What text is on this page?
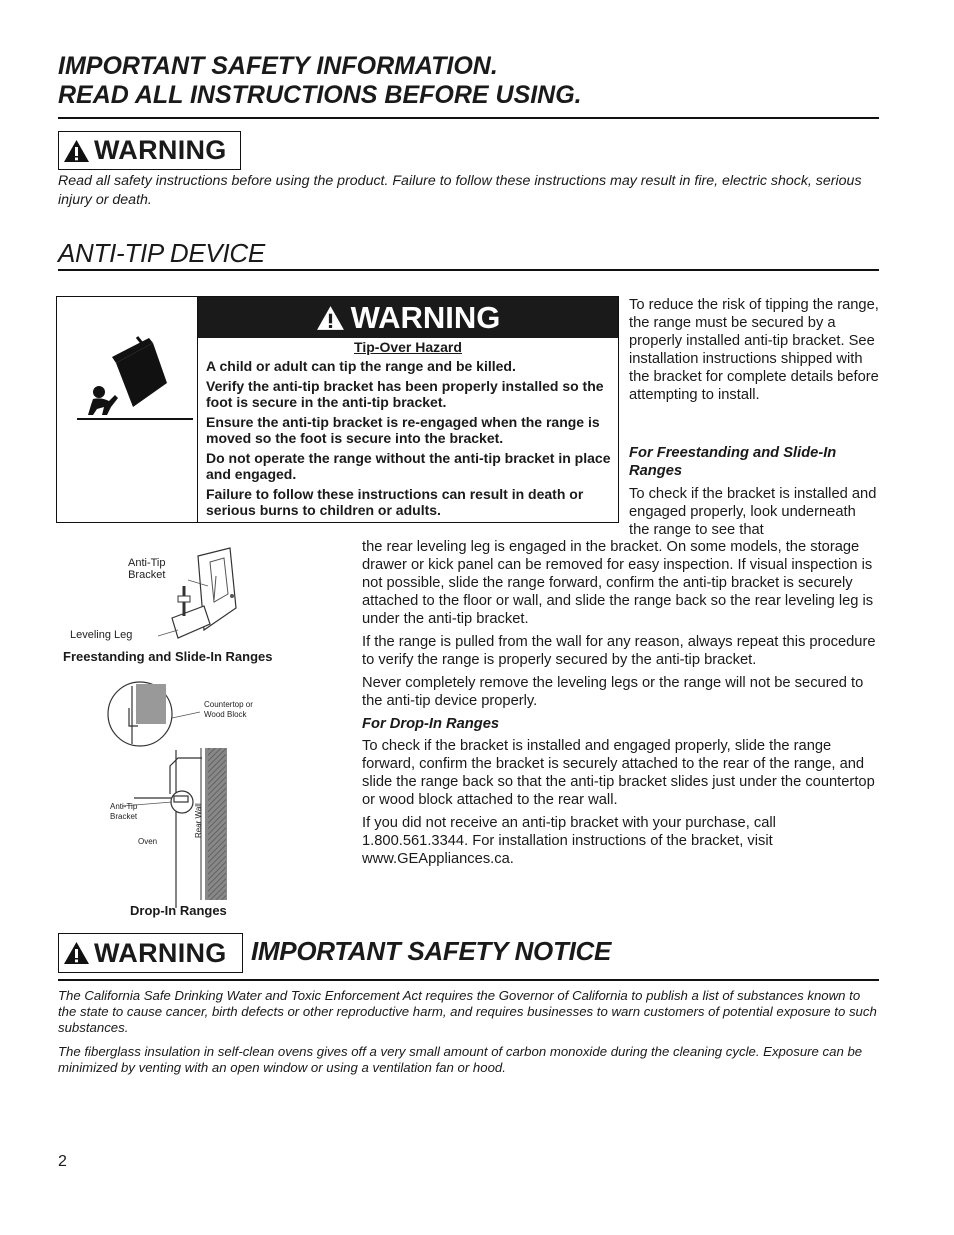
IMPORTANT SAFETY INFORMATION.
READ ALL INSTRUCTIONS BEFORE USING.
WARNING

Read all safety instructions before using the product. Failure to follow these instructions may result in fire, electric shock, serious injury or death.

ANTI-TIP DEVICE
WARNING
Tip-Over Hazard
A child or adult can tip the range and be killed.
Verify the anti-tip bracket has been properly installed so the foot is secure in the anti-tip bracket.
Ensure the anti-tip bracket is re-engaged when the range is moved so the foot is secure into the bracket.
Do not operate the range without the anti-tip bracket in place and engaged.
Failure to follow these instructions can result in death or serious burns to children or adults.

To reduce the risk of tipping the range, the range must be secured by a properly installed anti-tip bracket. See installation instructions shipped with the bracket for complete details before attempting to install.

For Freestanding and Slide-In Ranges

To check if the bracket is installed and engaged properly, look underneath the range to see that

the rear leveling leg is engaged in the bracket. On some models, the storage drawer or kick panel can be removed for easy inspection. If visual inspection is not possible, slide the range forward, confirm the anti-tip bracket is securely attached to the floor or wall, and slide the range back so the rear leveling leg is under the anti-tip bracket.

If the range is pulled from the wall for any reason, always repeat this procedure to verify the range is properly secured by the anti-tip bracket.

Never completely remove the leveling legs or the range will not be secured to the anti-tip device properly.

For Drop-In Ranges

To check if the bracket is installed and engaged properly, slide the range forward, confirm the bracket is securely attached to the rear of the range, and slide the range back so that the anti-tip bracket slides just under the countertop or wood block attached to the rear wall.

If you did not receive an anti-tip bracket with your purchase, call 1.800.561.3344. For installation instructions of the bracket, visit www.GEAppliances.ca.

Anti-Tip
Bracket
Leveling Leg
Freestanding and Slide-In Ranges
Countertop or
Wood Block
Anti-Tip
Bracket
Oven
Rear Wall
Drop-In Ranges
WARNING IMPORTANT SAFETY NOTICE

The California Safe Drinking Water and Toxic Enforcement Act requires the Governor of California to publish a list of substances known to the state to cause cancer, birth defects or other reproductive harm, and requires businesses to warn customers of potential exposure to such substances.

The fiberglass insulation in self-clean ovens gives off a very small amount of carbon monoxide during the cleaning cycle. Exposure can be minimized by venting with an open window or using a ventilation fan or hood.

2
